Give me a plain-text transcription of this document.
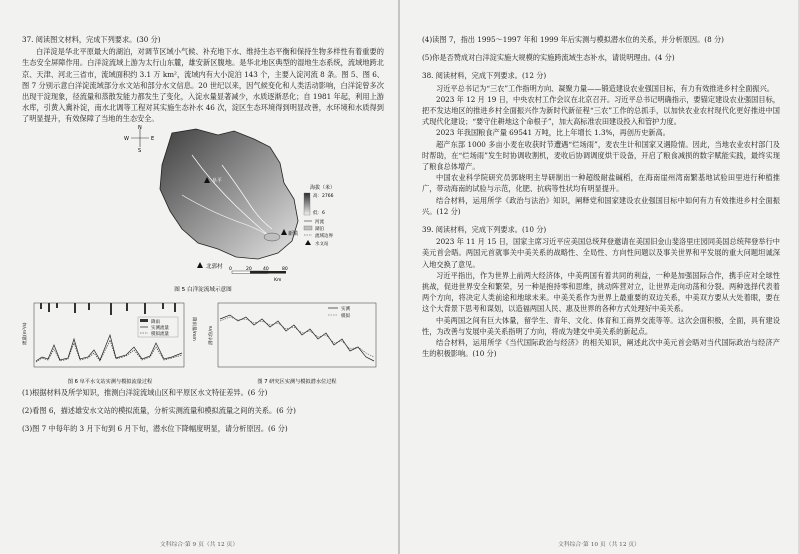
37. 阅读图文材料，完成下列要求。(30 分)

白洋淀是华北平原最大的湖泊，对调节区域小气候、补充地下水、维持生态平衡和保持生物多样性有着重要的生态安全屏障作用。白洋淀流域上游为太行山东麓，雄安新区腹地。是华北地区典型的湿地生态系统，流域地跨北京、天津、河北三省市，流域面积约 3.1 万 km²，流域内有大小淀泊 143 个，主要入淀河流 8 条。图 5、图 6、图 7 分别示意白洋淀流域部分水文站和部分水文信息。20 世纪以来，因气候变化和人类活动影响，白洋淀曾多次出现干淀现象，径流量和蒸散发能力都发生了变化，入淀水量显著减少，水质逐渐恶化；自 1981 年起，利用上游水库，引黄入冀补淀，南水北调等工程对其实施生态补水 46 次，淀区生态环境得到明显改善，水环境和水质得到了明显提升，有效保障了当地的生态安全。

N
S
W	E
阜平
北郭村
新镇
海拔（米）
高：2766
低：6
河流
湖泊
流域边界
水文站
0	20	40	80
Km
图 5 白洋淀流域示意图
流量(m³/s)	降雨量/mm
降雨
实测流量
模拟流量
图 6 阜平水文站实测与模拟流量过程
潜水位/m
实测
模拟
图 7 研究区实测与模拟潜水位过程

(1)根据材料及所学知识，推测白洋淀流域山区和平原区水文特征差异。(6 分)

(2)看图 6，描述雄安水文站的模拟流量，分析实测流量和模拟流量之间的关系。(6 分)

(3)图 7 中每年的 3 月下旬到 6 月下旬，潜水位下降幅度明显，请分析原因。(6 分)

文科综合·第 9 页（共 12 页）

(4)读图 7，指出 1995～1997 年和 1999 年后实测与模拟潜水位的关系，并分析原因。(8 分)

(5)你是否赞成对白洋淀实施大规模的实施跨流域生态补水，请说明理由。(4 分)

38. 阅读材料，完成下列要求。(12 分)

习近平总书记为“三农”工作指明方向、凝聚力量——锻造建设农业强国目标，有力有效推进乡村全面振兴。

2023 年 12 月 19 日，中央农村工作会议在北京召开。习近平总书记明确指示，要锚定建设农业强国目标，把不发达地区的推进乡村全面振兴作为新时代新征程“三农”工作的总抓手，以加快农业农村现代化更好推进中国式现代化建设；“要守住耕地这个命根子”，加大高标准农田建设投入和管护力度。

2023 年我国粮食产量 69541 万吨，比上年增长 1.3%，再创历史新高。

超产东部 1000 多亩小麦在收获时节遭遇“烂场雨”，麦农生计和国家又遇险情。因此，当地农业农村部门及时帮助，在“烂场雨”发生时协调收割机，麦收后协调调度烘干设备，开启了粮食减损的数字赋能实践，最终实现了粮食总体增产。

中国农业科学院研究员郭晓明主导研制出一种超级耐盐碱稻，在海南崖州湾南繁基地试验田里进行种植推广，带动海南的试验与示范，化肥、抗病等性状均有明显提升。

结合材料，运用所学《政治与法治》知识，阐释党和国家建设农业强国目标中如何有力有效推进乡村全面振兴。(12 分)

39. 阅读材料，完成下列要求。(10 分)

2023 年 11 月 15 日，国家主席习近平应美国总统拜登邀请在美国旧金山斐洛里庄园同美国总统拜登举行中美元首会晤。两国元首就事关中美关系的战略性、全局性、方向性问题以及事关世界和平发展的重大问题坦诚深入地交换了意见。

习近平指出，作为世界上前两大经济体，中美两国有着共同的利益，一种是加强国际合作，携手应对全球性挑战，促进世界安全和繁荣，另一种是抱持零和思维，挑动阵营对立，让世界走向动荡和分裂。两种选择代表着两个方向，将决定人类前途和地球未来。中美关系作为世界上最重要的双边关系，中美双方要从大处着眼，要在这个大背景下思考和谋划，以造福两国人民、惠及世界的各种方式处理好中美关系。

中美两国之间有巨大体量，留学生、青年、文化、体育和工商界交流等等。这次会面积极，全面，具有建设性，为改善与发展中美关系指明了方向，将成为建交中美关系的新起点。

结合材料，运用所学《当代国际政治与经济》的相关知识，阐述此次中美元首会晤对当代国际政治与经济产生的积极影响。(10 分)

文科综合·第 10 页（共 12 页）
